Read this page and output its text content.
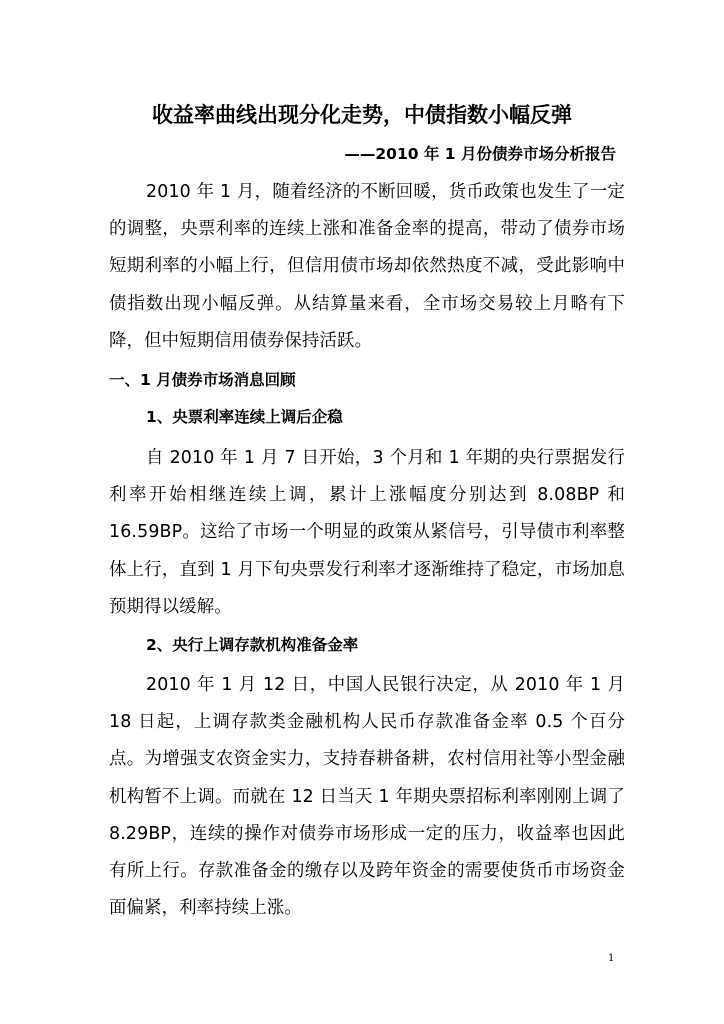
收益率曲线出现分化走势，中债指数小幅反弹
——2010 年 1 月份债券市场分析报告
2010 年 1 月，随着经济的不断回暖，货币政策也发生了一定的调整，央票利率的连续上涨和准备金率的提高，带动了债券市场短期利率的小幅上行，但信用债市场却依然热度不减，受此影响中债指数出现小幅反弹。从结算量来看，全市场交易较上月略有下降，但中短期信用债券保持活跃。
一、1 月债券市场消息回顾
1、央票利率连续上调后企稳
自 2010 年 1 月 7 日开始，3 个月和 1 年期的央行票据发行利率开始相继连续上调，累计上涨幅度分别达到 8.08BP 和 16.59BP。这给了市场一个明显的政策从紧信号，引导债市利率整体上行，直到 1 月下旬央票发行利率才逐渐维持了稳定，市场加息预期得以缓解。
2、央行上调存款机构准备金率
2010 年 1 月 12 日，中国人民银行决定，从 2010 年 1 月 18 日起，上调存款类金融机构人民币存款准备金率 0.5 个百分点。为增强支农资金实力，支持春耕备耕，农村信用社等小型金融机构暂不上调。而就在 12 日当天 1 年期央票招标利率刚刚上调了 8.29BP，连续的操作对债券市场形成一定的压力，收益率也因此有所上行。存款准备金的缴存以及跨年资金的需要使货币市场资金面偏紧，利率持续上涨。
1
